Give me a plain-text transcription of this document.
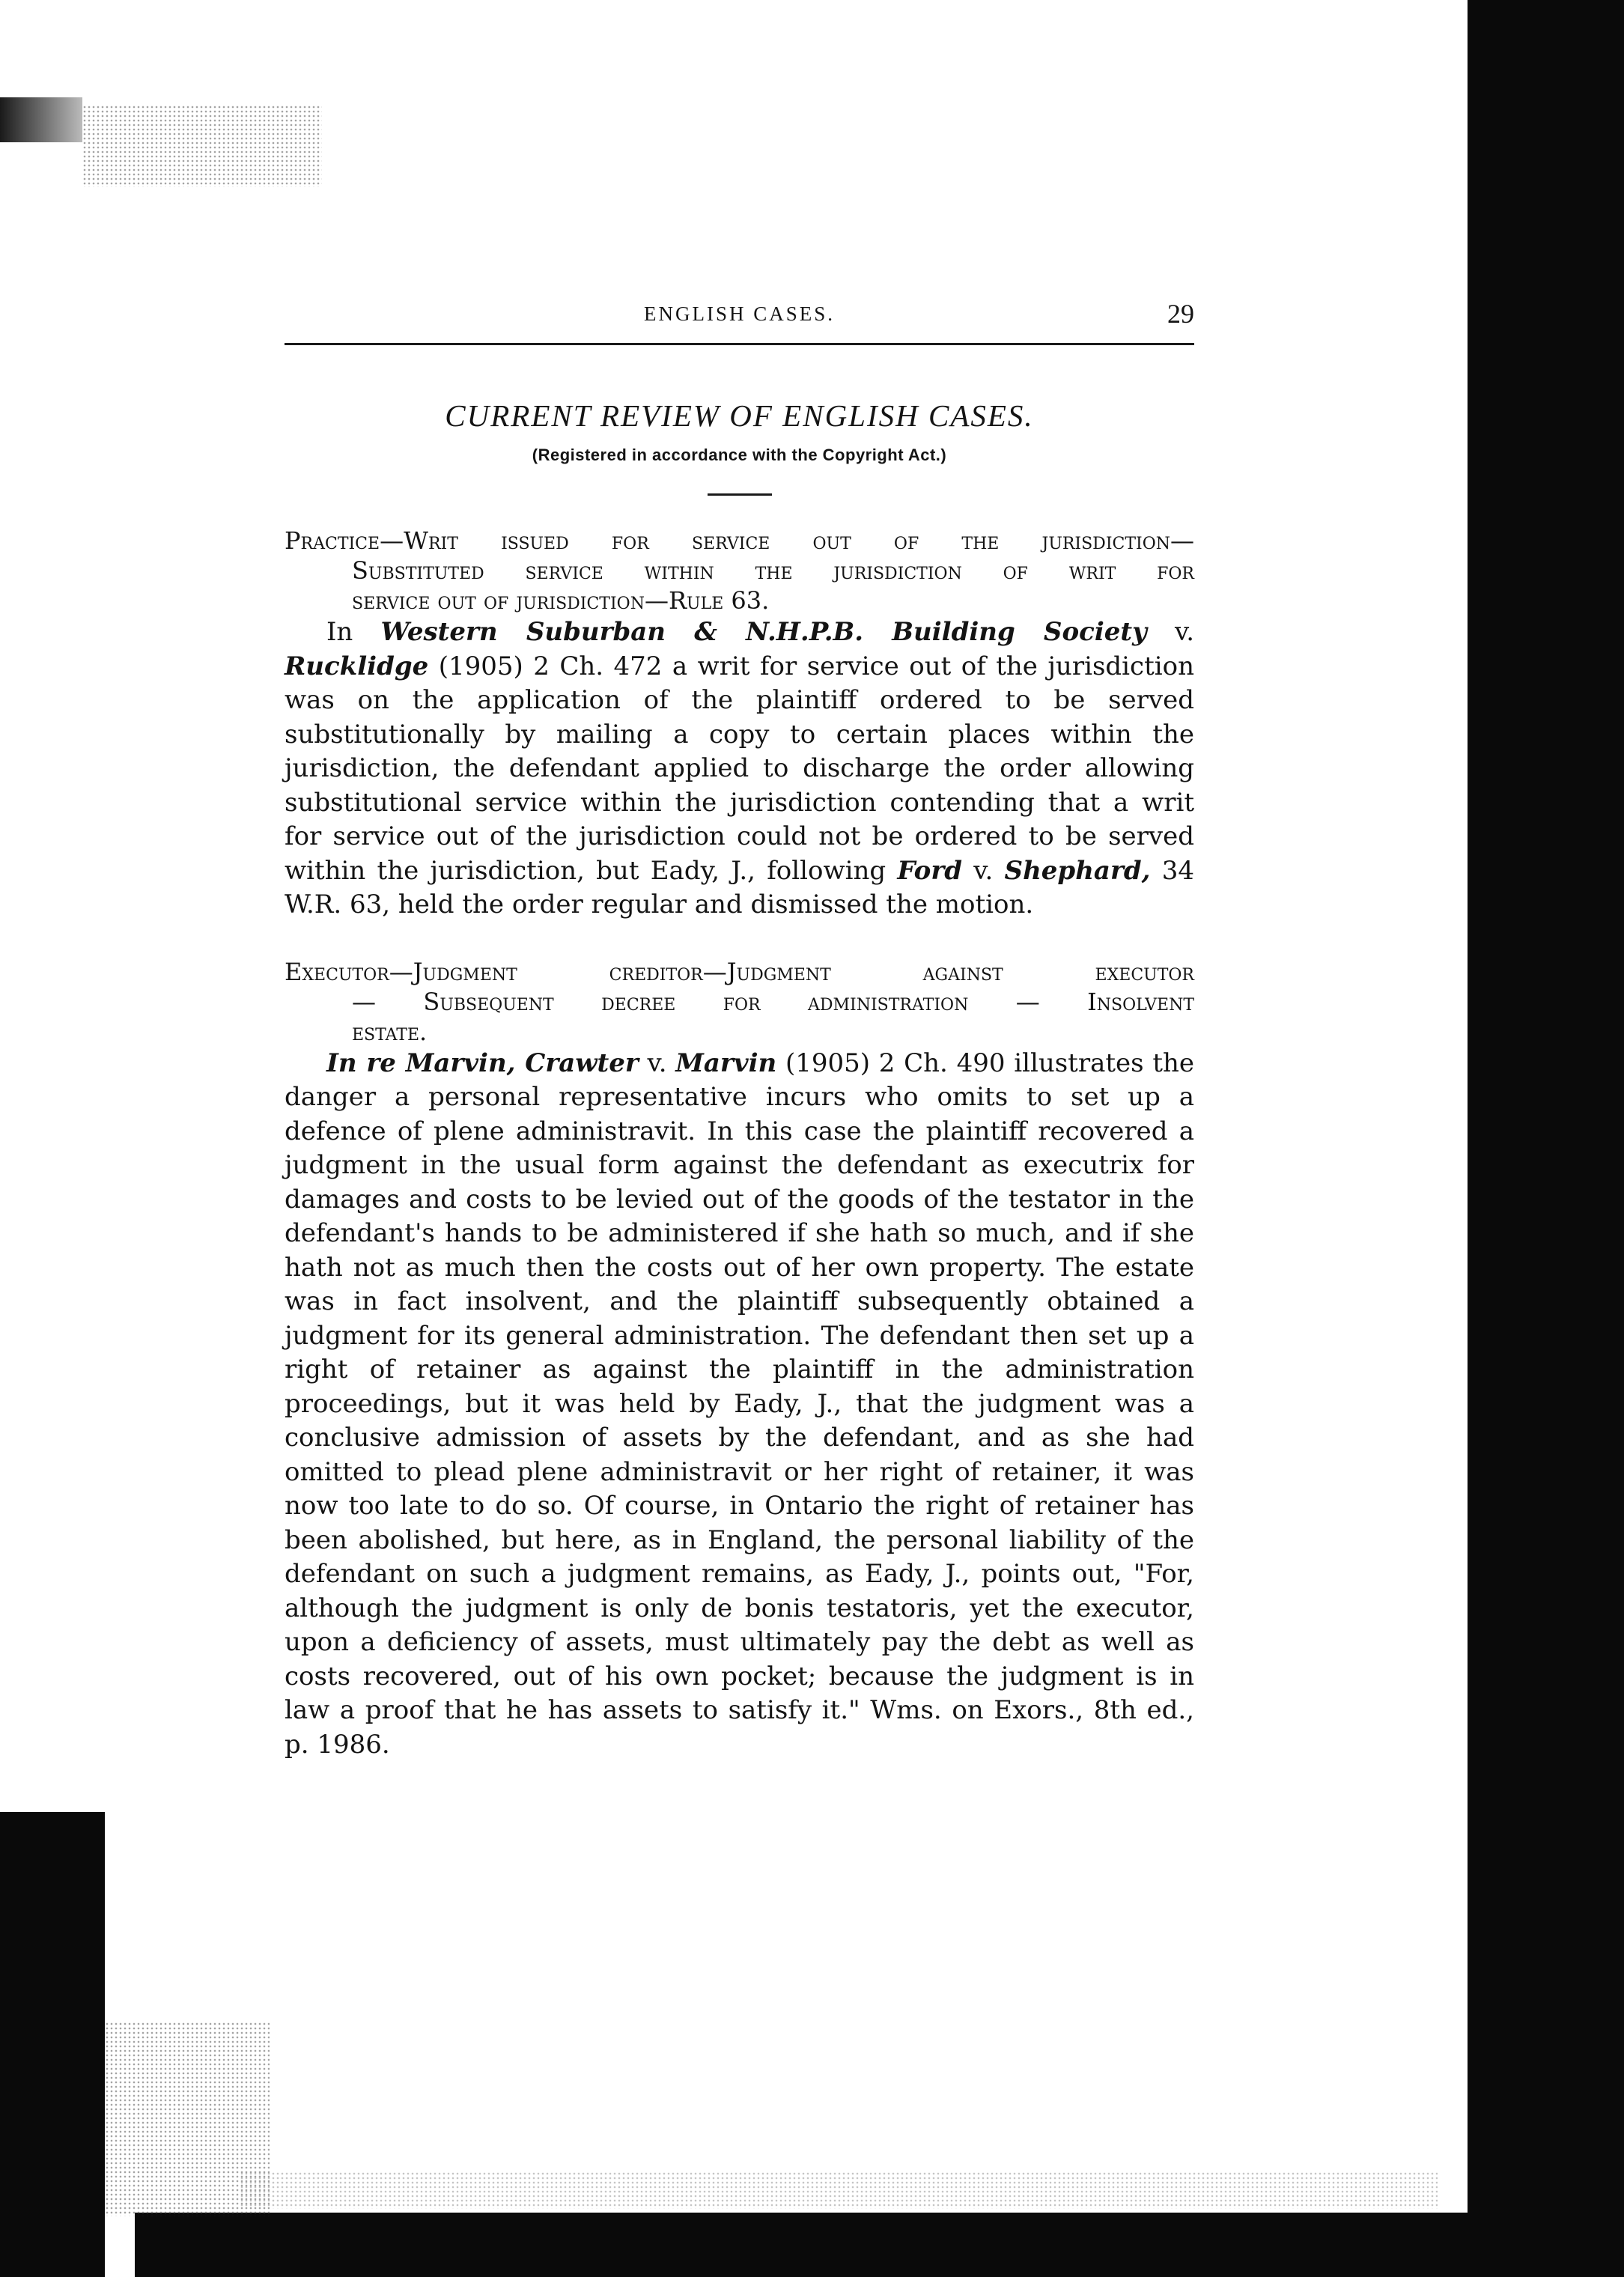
ENGLISH CASES.	29
CURRENT REVIEW OF ENGLISH CASES.
(Registered in accordance with the Copyright Act.)
Practice—Writ issued for service out of the jurisdiction—
Substituted service within the jurisdiction of writ for
service out of jurisdiction—Rule 63.

In Western Suburban & N.H.P.B. Building Society v. Rucklidge (1905) 2 Ch. 472 a writ for service out of the jurisdiction was on the application of the plaintiff ordered to be served substitutionally by mailing a copy to certain places within the jurisdiction, the defendant applied to discharge the order allowing substitutional service within the jurisdiction contending that a writ for service out of the jurisdiction could not be ordered to be served within the jurisdiction, but Eady, J., following Ford v. Shephard, 34 W.R. 63, held the order regular and dismissed the motion.

Executor—Judgment creditor—Judgment against executor
— Subsequent decree for administration — Insolvent
estate.

In re Marvin, Crawter v. Marvin (1905) 2 Ch. 490 illustrates the danger a personal representative incurs who omits to set up a defence of plene administravit. In this case the plaintiff recovered a judgment in the usual form against the defendant as executrix for damages and costs to be levied out of the goods of the testator in the defendant's hands to be administered if she hath so much, and if she hath not as much then the costs out of her own property. The estate was in fact insolvent, and the plaintiff subsequently obtained a judgment for its general administration. The defendant then set up a right of retainer as against the plaintiff in the administration proceedings, but it was held by Eady, J., that the judgment was a conclusive admission of assets by the defendant, and as she had omitted to plead plene administravit or her right of retainer, it was now too late to do so. Of course, in Ontario the right of retainer has been abolished, but here, as in England, the personal liability of the defendant on such a judgment remains, as Eady, J., points out, "For, although the judgment is only de bonis testatoris, yet the executor, upon a deficiency of assets, must ultimately pay the debt as well as costs recovered, out of his own pocket; because the judgment is in law a proof that he has assets to satisfy it." Wms. on Exors., 8th ed., p. 1986.
